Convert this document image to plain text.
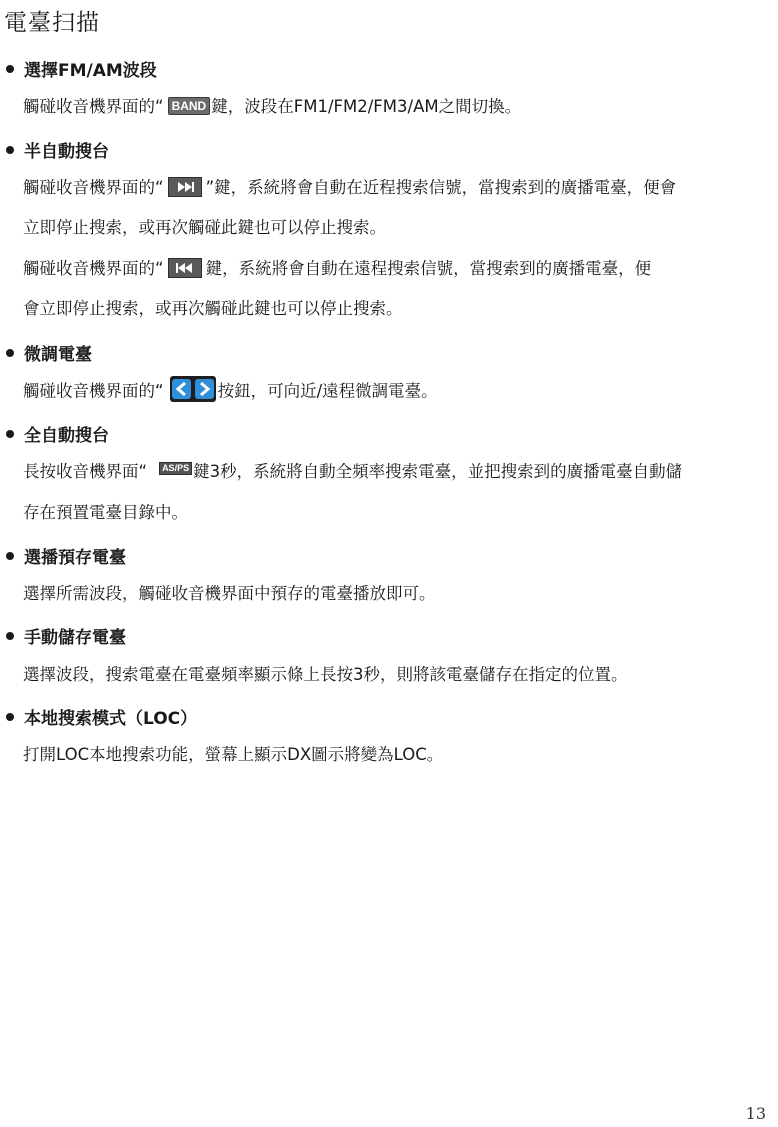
電臺扫描
選擇FM/AM波段
觸碰收音機界面的“ BAND 鍵，波段在FM1/FM2/FM3/AM之間切換。
半自動搜台
觸碰收音機界面的“	”鍵，系統將會自動在近程搜索信號，當搜索到的廣播電臺，便會
立即停止搜索，或再次觸碰此鍵也可以停止搜索。
觸碰收音機界面的“	鍵，系統將會自動在遠程搜索信號，當搜索到的廣播電臺，便
會立即停止搜索，或再次觸碰此鍵也可以停止搜索。
微調電臺
觸碰收音機界面的“	按鈕，可向近/遠程微調電臺。
全自動搜台
長按收音機界面“ AS/PS 鍵3秒，系統將自動全頻率搜索電臺，並把搜索到的廣播電臺自動儲
存在預置電臺目錄中。
選播預存電臺
選擇所需波段，觸碰收音機界面中預存的電臺播放即可。
手動儲存電臺
選擇波段，搜索電臺在電臺頻率顯示條上長按3秒，則將該電臺儲存在指定的位置。
本地搜索模式（LOC）
打開LOC本地搜索功能，螢幕上顯示DX圖示將變為LOC。
13
